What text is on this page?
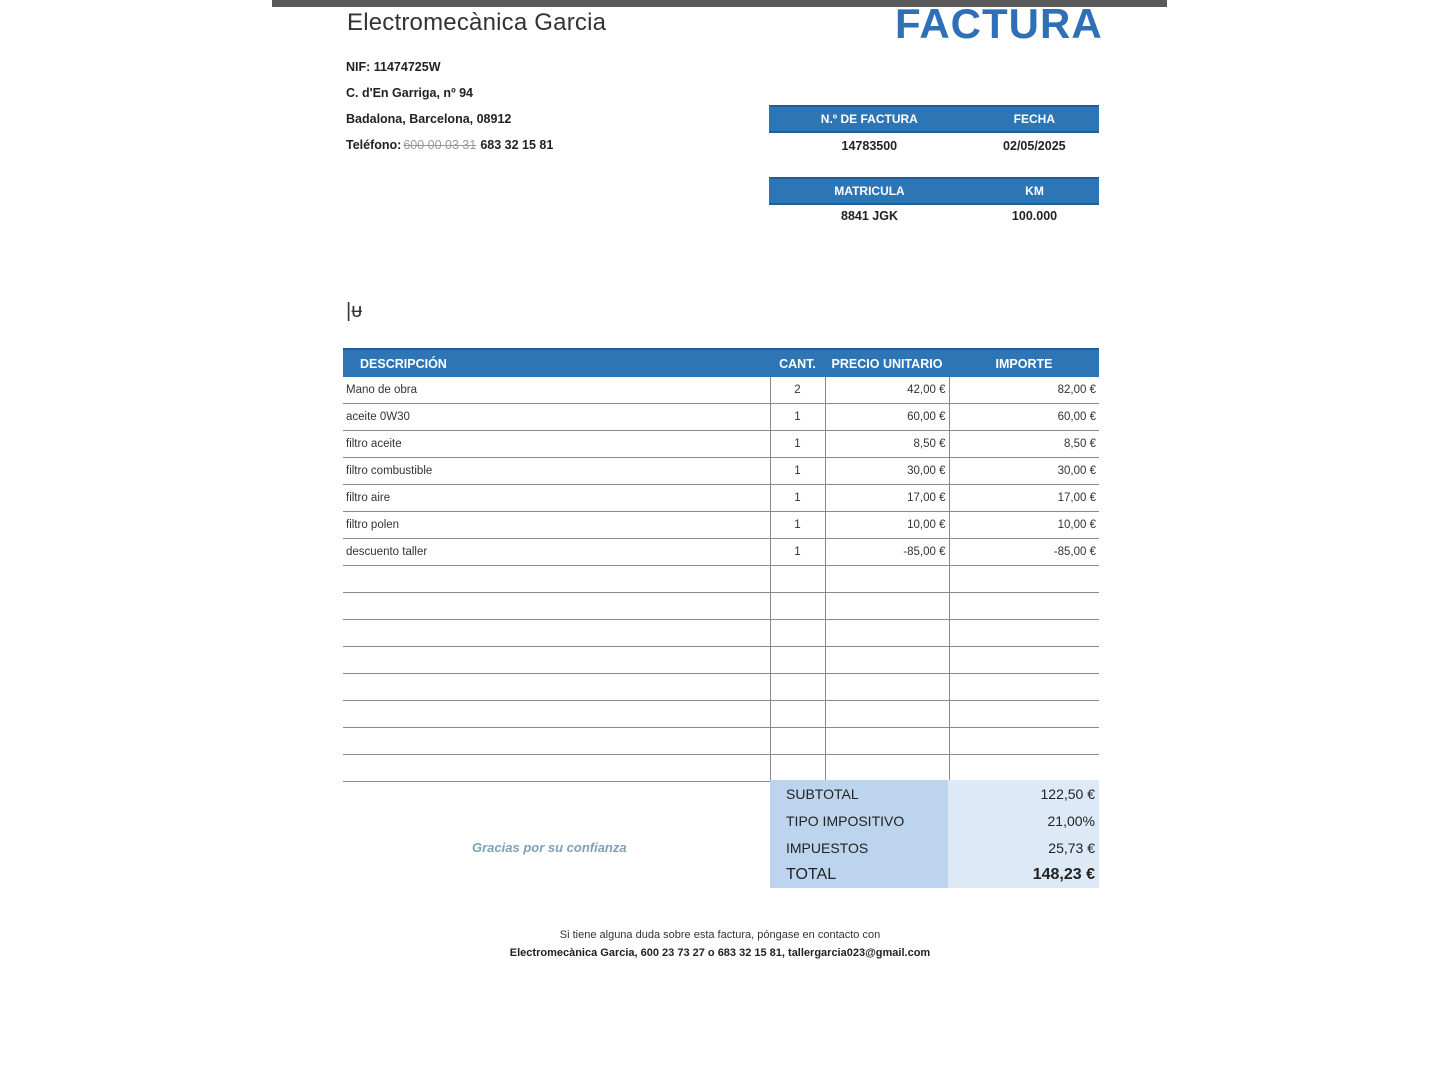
Electromecànica Garcia	FACTURA
NIF: 11474725W
C. d'En Garriga, nº 94
Badalona, Barcelona, 08912
Teléfono: 600 00 03 31 683 32 15 81
N.º DE FACTURA	FECHA
14783500	02/05/2025
MATRICULA	KM
8841 JGK	100.000
|ᵾ
DESCRIPCIÓN	CANT.	PRECIO UNITARIO	IMPORTE
Mano de obra	2	42,00 €	82,00 €
aceite 0W30	1	60,00 €	60,00 €
filtro aceite	1	8,50 €	8,50 €
filtro combustible	1	30,00 €	30,00 €
filtro aire	1	17,00 €	17,00 €
filtro polen	1	10,00 €	10,00 €
descuento taller	1	-85,00 €	-85,00 €

SUBTOTAL	122,50 €
TIPO IMPOSITIVO	21,00%
IMPUESTOS	25,73 €
TOTAL	148,23 €
Gracias por su confianza
Si tiene alguna duda sobre esta factura, póngase en contacto con
Electromecànica Garcia, 600 23 73 27 o 683 32 15 81, tallergarcia023@gmail.com
